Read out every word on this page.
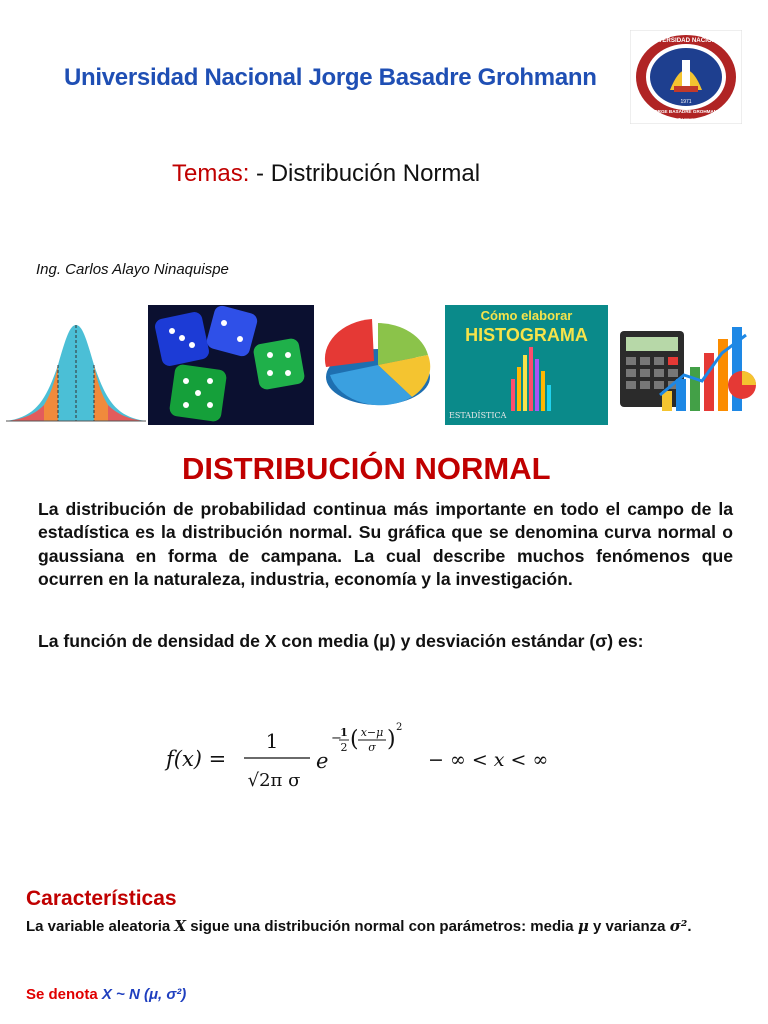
Universidad Nacional Jorge Basadre Grohmann
UNIVERSIDAD NACIONAL
1971
JORGE BASADRE GROHMANN
TACNA
Temas: - Distribución Normal
Ing. Carlos Alayo Ninaquispe
Cómo elaborar
HISTOGRAMA
ESTADÍSTICA
DISTRIBUCIÓN NORMAL

La distribución de probabilidad continua más importante en todo el campo de la estadística es la distribución normal. Su gráfica que se denomina curva normal o gaussiana en forma de campana. La cual describe muchos fenómenos que ocurren en la naturaleza, industria, economía y la investigación.

La función de densidad de X con media (μ) y desviación estándar (σ) es:
f(x) =
1
√2π σ
e
−
1
2 ( x−μ
σ ) 2
− ∞ < x < ∞
Características

La variable aleatoria X sigue una distribución normal con parámetros: media μ y varianza σ².

Se denota X ~ N (μ, σ²)
